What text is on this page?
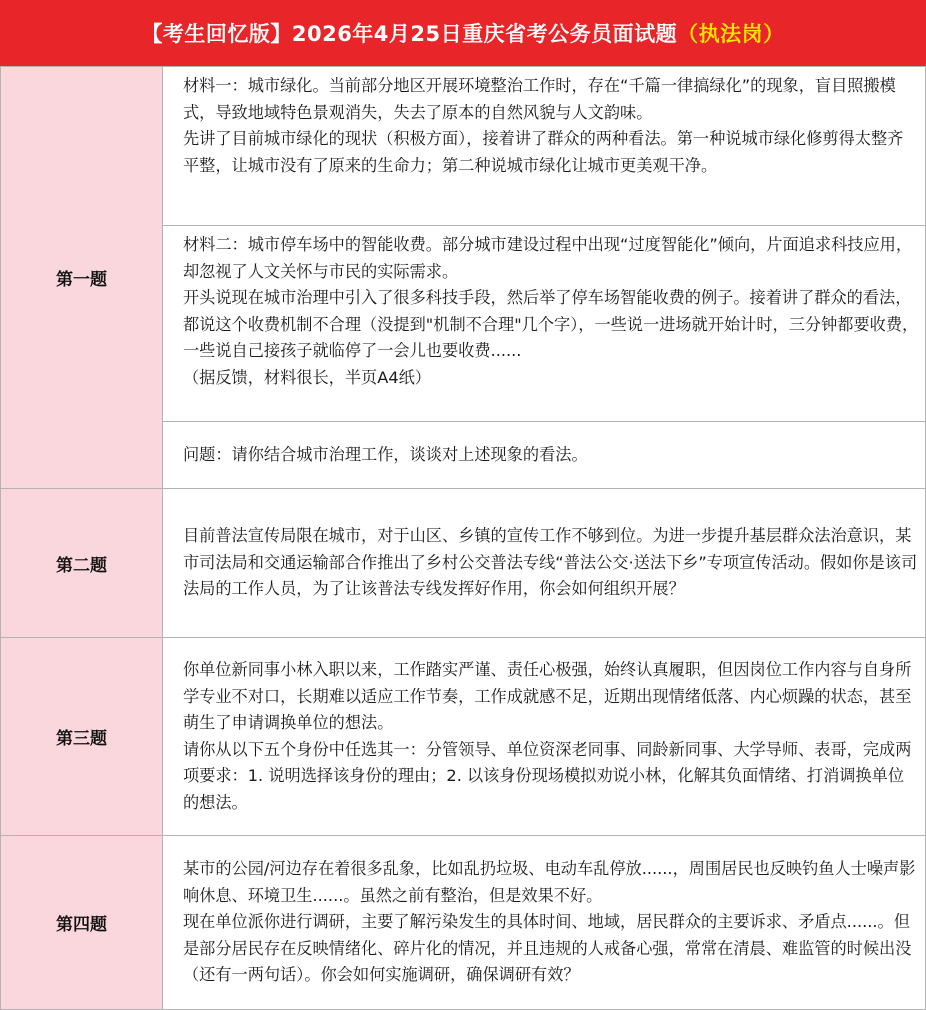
【考生回忆版】2026年4月25日重庆省考公务员面试题 （执法岗）
第一题	材料一：城市绿化。当前部分地区开展环境整治工作时，存在“千篇一律搞绿化”的现象，盲目照搬模式，导致地域特色景观消失，失去了原本的自然风貌与人文韵味。

先讲了目前城市绿化的现状（积极方面），接着讲了群众的两种看法。第一种说城市绿化修剪得太整齐平整，让城市没有了原来的生命力；第二种说城市绿化让城市更美观干净。

	材料二：城市停车场中的智能收费。部分城市建设过程中出现“过度智能化”倾向，片面追求科技应用，却忽视了人文关怀与市民的实际需求。

开头说现在城市治理中引入了很多科技手段，然后举了停车场智能收费的例子。接着讲了群众的看法，都说这个收费机制不合理（没提到"机制不合理"几个字），一些说一进场就开始计时，三分钟都要收费，一些说自己接孩子就临停了一会儿也要收费......

（据反馈，材料很长，半页A4纸）

	问题：请你结合城市治理工作，谈谈对上述现象的看法。

第二题	目前普法宣传局限在城市，对于山区、乡镇的宣传工作不够到位。为进一步提升基层群众法治意识，某市司法局和交通运输部合作推出了乡村公交普法专线“普法公交·送法下乡”专项宣传活动。假如你是该司法局的工作人员，为了让该普法专线发挥好作用，你会如何组织开展？

第三题	你单位新同事小林入职以来，工作踏实严谨、责任心极强，始终认真履职，但因岗位工作内容与自身所学专业不对口，长期难以适应工作节奏，工作成就感不足，近期出现情绪低落、内心烦躁的状态，甚至萌生了申请调换单位的想法。

请你从以下五个身份中任选其一：分管领导、单位资深老同事、同龄新同事、大学导师、表哥，完成两项要求：1. 说明选择该身份的理由；2. 以该身份现场模拟劝说小林，化解其负面情绪、打消调换单位的想法。

第四题	某市的公园/河边存在着很多乱象，比如乱扔垃圾、电动车乱停放......，周围居民也反映钓鱼人士噪声影响休息、环境卫生......。虽然之前有整治，但是效果不好。

现在单位派你进行调研，主要了解污染发生的具体时间、地域，居民群众的主要诉求、矛盾点......。但是部分居民存在反映情绪化、碎片化的情况，并且违规的人戒备心强，常常在清晨、难监管的时候出没（还有一两句话）。你会如何实施调研，确保调研有效？
